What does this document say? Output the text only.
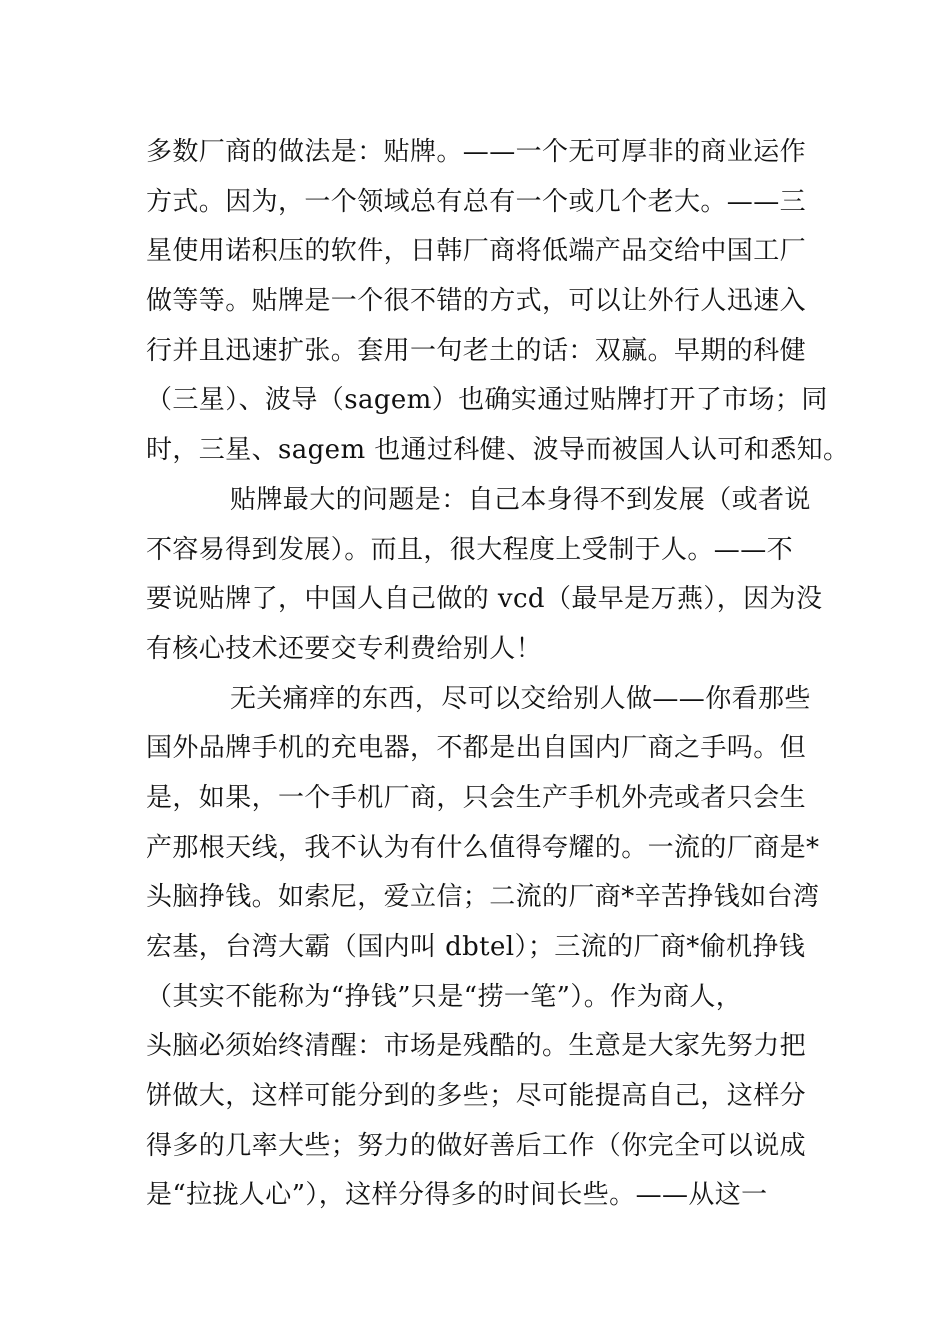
多数厂商的做法是：贴牌。——一个无可厚非的商业运作
方式。因为，一个领域总有总有一个或几个老大。——三
星使用诺积压的软件，日韩厂商将低端产品交给中国工厂
做等等。贴牌是一个很不错的方式，可以让外行人迅速入
行并且迅速扩张。套用一句老土的话：双赢。早期的科健
（三星）、波导（sagem）也确实通过贴牌打开了市场；同
时，三星、sagem 也通过科健、波导而被国人认可和悉知。
贴牌最大的问题是：自己本身得不到发展（或者说
不容易得到发展）。而且，很大程度上受制于人。——不
要说贴牌了，中国人自己做的 vcd（最早是万燕），因为没
有核心技术还要交专利费给别人！
无关痛痒的东西，尽可以交给别人做——你看那些
国外品牌手机的充电器，不都是出自国内厂商之手吗。但
是，如果，一个手机厂商，只会生产手机外壳或者只会生
产那根天线，我不认为有什么值得夸耀的。一流的厂商是*
头脑挣钱。如索尼，爱立信；二流的厂商*辛苦挣钱如台湾
宏基，台湾大霸（国内叫 dbtel）；三流的厂商*偷机挣钱
（其实不能称为“挣钱”只是“捞一笔”）。作为商人，
头脑必须始终清醒：市场是残酷的。生意是大家先努力把
饼做大，这样可能分到的多些；尽可能提高自己，这样分
得多的几率大些；努力的做好善后工作（你完全可以说成
是“拉拢人心”），这样分得多的时间长些。——从这一
